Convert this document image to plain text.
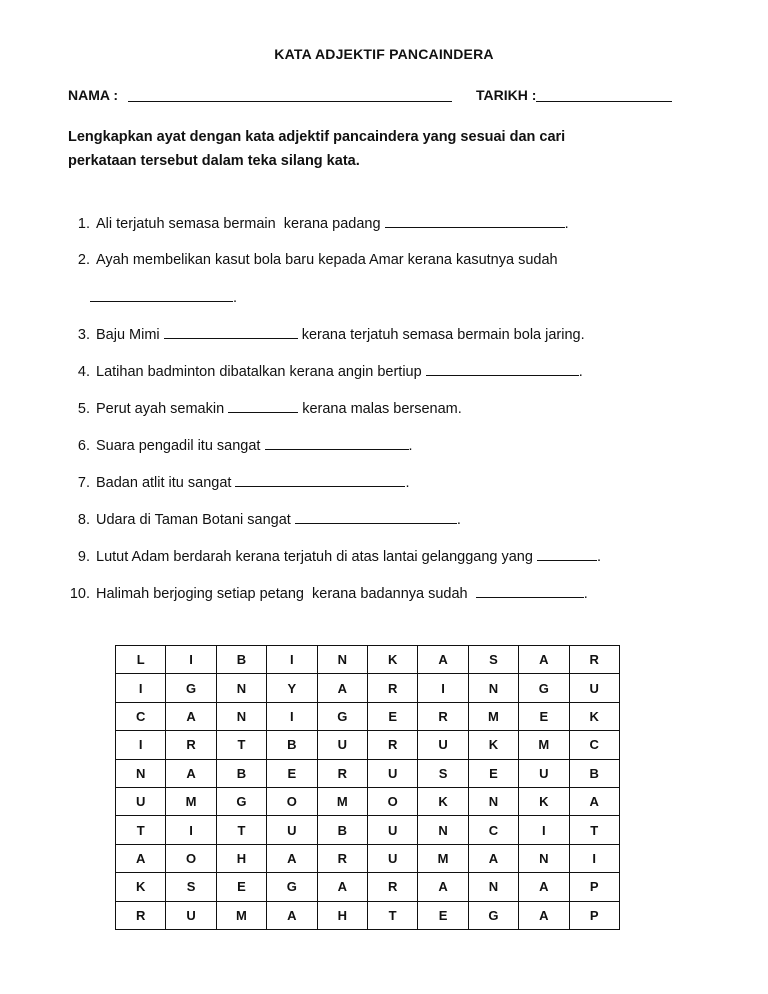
KATA ADJEKTIF PANCAINDERA
NAMA :	TARIKH :
Lengkapkan ayat dengan kata adjektif pancaindera yang sesuai dan cari perkataan tersebut dalam teka silang kata.
1. Ali terjatuh semasa bermain  kerana padang	.
2. Ayah membelikan kasut bola baru kepada Amar kerana kasutnya sudah
.
3. Baju Mimi	kerana terjatuh semasa bermain bola jaring.
4. Latihan badminton dibatalkan kerana angin bertiup	.
5. Perut ayah semakin	kerana malas bersenam.
6. Suara pengadil itu sangat	.
7. Badan atlit itu sangat	.
8. Udara di Taman Botani sangat	.
9. Lutut Adam berdarah kerana terjatuh di atas lantai gelanggang yang	.
10. Halimah berjoging setiap petang  kerana badannya sudah	.
L	I	B	I	N	K	A	S	A	R
I	G	N	Y	A	R	I	N	G	U
C	A	N	I	G	E	R	M	E	K
I	R	T	B	U	R	U	K	M	C
N	A	B	E	R	U	S	E	U	B
U	M	G	O	M	O	K	N	K	A
T	I	T	U	B	U	N	C	I	T
A	O	H	A	R	U	M	A	N	I
K	S	E	G	A	R	A	N	A	P
R	U	M	A	H	T	E	G	A	P
